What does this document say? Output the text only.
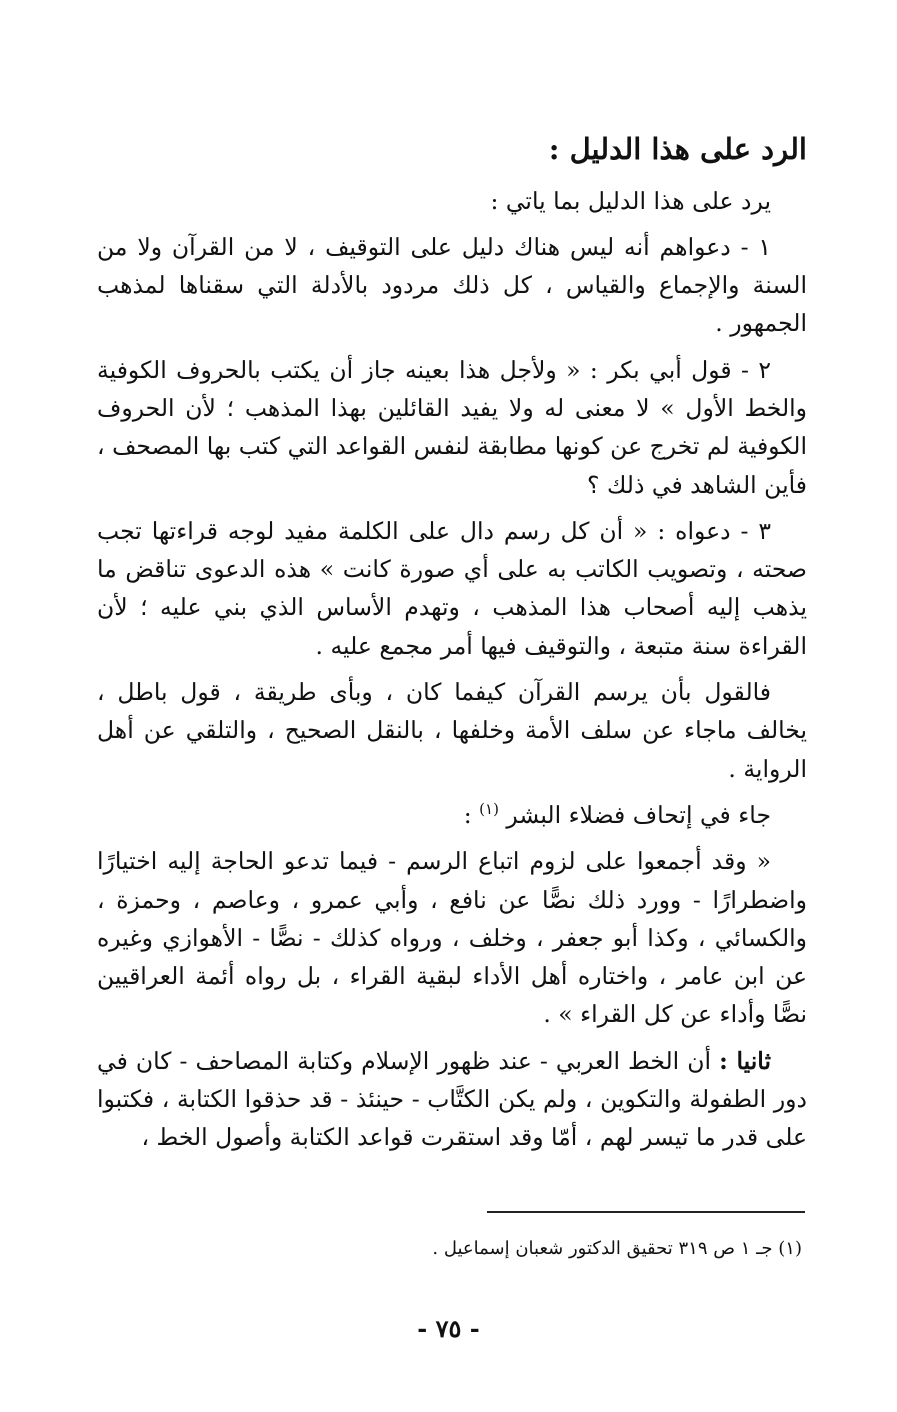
الرد على هذا الدليل :

يرد على هذا الدليل بما ياتي :

١ - دعواهم أنه ليس هناك دليل على التوقيف ، لا من القرآن ولا من السنة والإجماع والقياس ، كل ذلك مردود بالأدلة التي سقناها لمذهب الجمهور .

٢ - قول أبي بكر : « ولأجل هذا بعينه جاز أن يكتب بالحروف الكوفية والخط الأول » لا معنى له ولا يفيد القائلين بهذا المذهب ؛ لأن الحروف الكوفية لم تخرج عن كونها مطابقة لنفس القواعد التي كتب بها المصحف ، فأين الشاهد في ذلك ؟

٣ - دعواه : « أن كل رسم دال على الكلمة مفيد لوجه قراءتها تجب صحته ، وتصويب الكاتب به على أي صورة كانت » هذه الدعوى تناقض ما يذهب إليه أصحاب هذا المذهب ، وتهدم الأساس الذي بني عليه ؛ لأن القراءة سنة متبعة ، والتوقيف فيها أمر مجمع عليه .

فالقول بأن يرسم القرآن كيفما كان ، وبأى طريقة ، قول باطل ، يخالف ماجاء عن سلف الأمة وخلفها ، بالنقل الصحيح ، والتلقي عن أهل الرواية .

جاء في إتحاف فضلاء البشر $^{(١)}$ :

« وقد أجمعوا على لزوم اتباع الرسم - فيما تدعو الحاجة إليه اختيارًا واضطرارًا - وورد ذلك نصًّا عن نافع ، وأبي عمرو ، وعاصم ، وحمزة ، والكسائي ، وكذا أبو جعفر ، وخلف ، ورواه كذلك - نصًّا - الأهوازي وغيره عن ابن عامر ، واختاره أهل الأداء لبقية القراء ، بل رواه أئمة العراقيين نصًّا وأداء عن كل القراء » .

ثانيا : أن الخط العربي - عند ظهور الإسلام وكتابة المصاحف - كان في دور الطفولة والتكوين ، ولم يكن الكتَّاب - حينئذ - قد حذقوا الكتابة ، فكتبوا على قدر ما تيسر لهم ، أمّا وقد استقرت قواعد الكتابة وأصول الخط ،

(١) جـ ١ ص ٣١٩ تحقيق الدكتور شعبان إسماعيل .
- ٧٥ -
